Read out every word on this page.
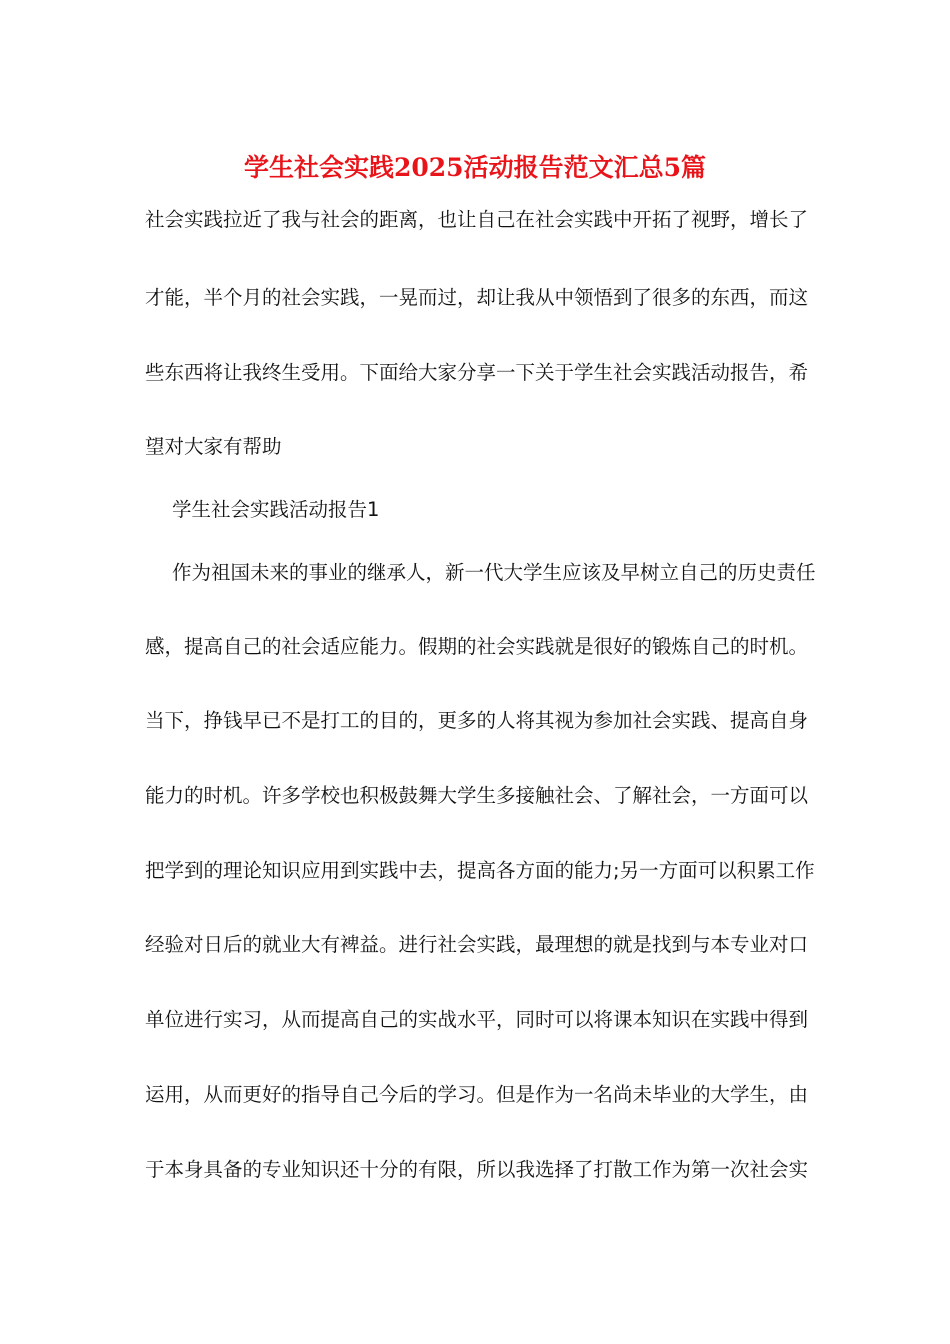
学生社会实践2025活动报告范文汇总5篇

社会实践拉近了我与社会的距离，也让自己在社会实践中开拓了视野，增长了

才能，半个月的社会实践，一晃而过，却让我从中领悟到了很多的东西，而这

些东西将让我终生受用。下面给大家分享一下关于学生社会实践活动报告，希

望对大家有帮助

学生社会实践活动报告1

作为祖国未来的事业的继承人，新一代大学生应该及早树立自己的历史责任

感，提高自己的社会适应能力。假期的社会实践就是很好的锻炼自己的时机。

当下，挣钱早已不是打工的目的，更多的人将其视为参加社会实践、提高自身

能力的时机。许多学校也积极鼓舞大学生多接触社会、了解社会，一方面可以

把学到的理论知识应用到实践中去，提高各方面的能力;另一方面可以积累工作

经验对日后的就业大有裨益。进行社会实践，最理想的就是找到与本专业对口

单位进行实习，从而提高自己的实战水平，同时可以将课本知识在实践中得到

运用，从而更好的指导自己今后的学习。但是作为一名尚未毕业的大学生，由

于本身具备的专业知识还十分的有限，所以我选择了打散工作为第一次社会实
